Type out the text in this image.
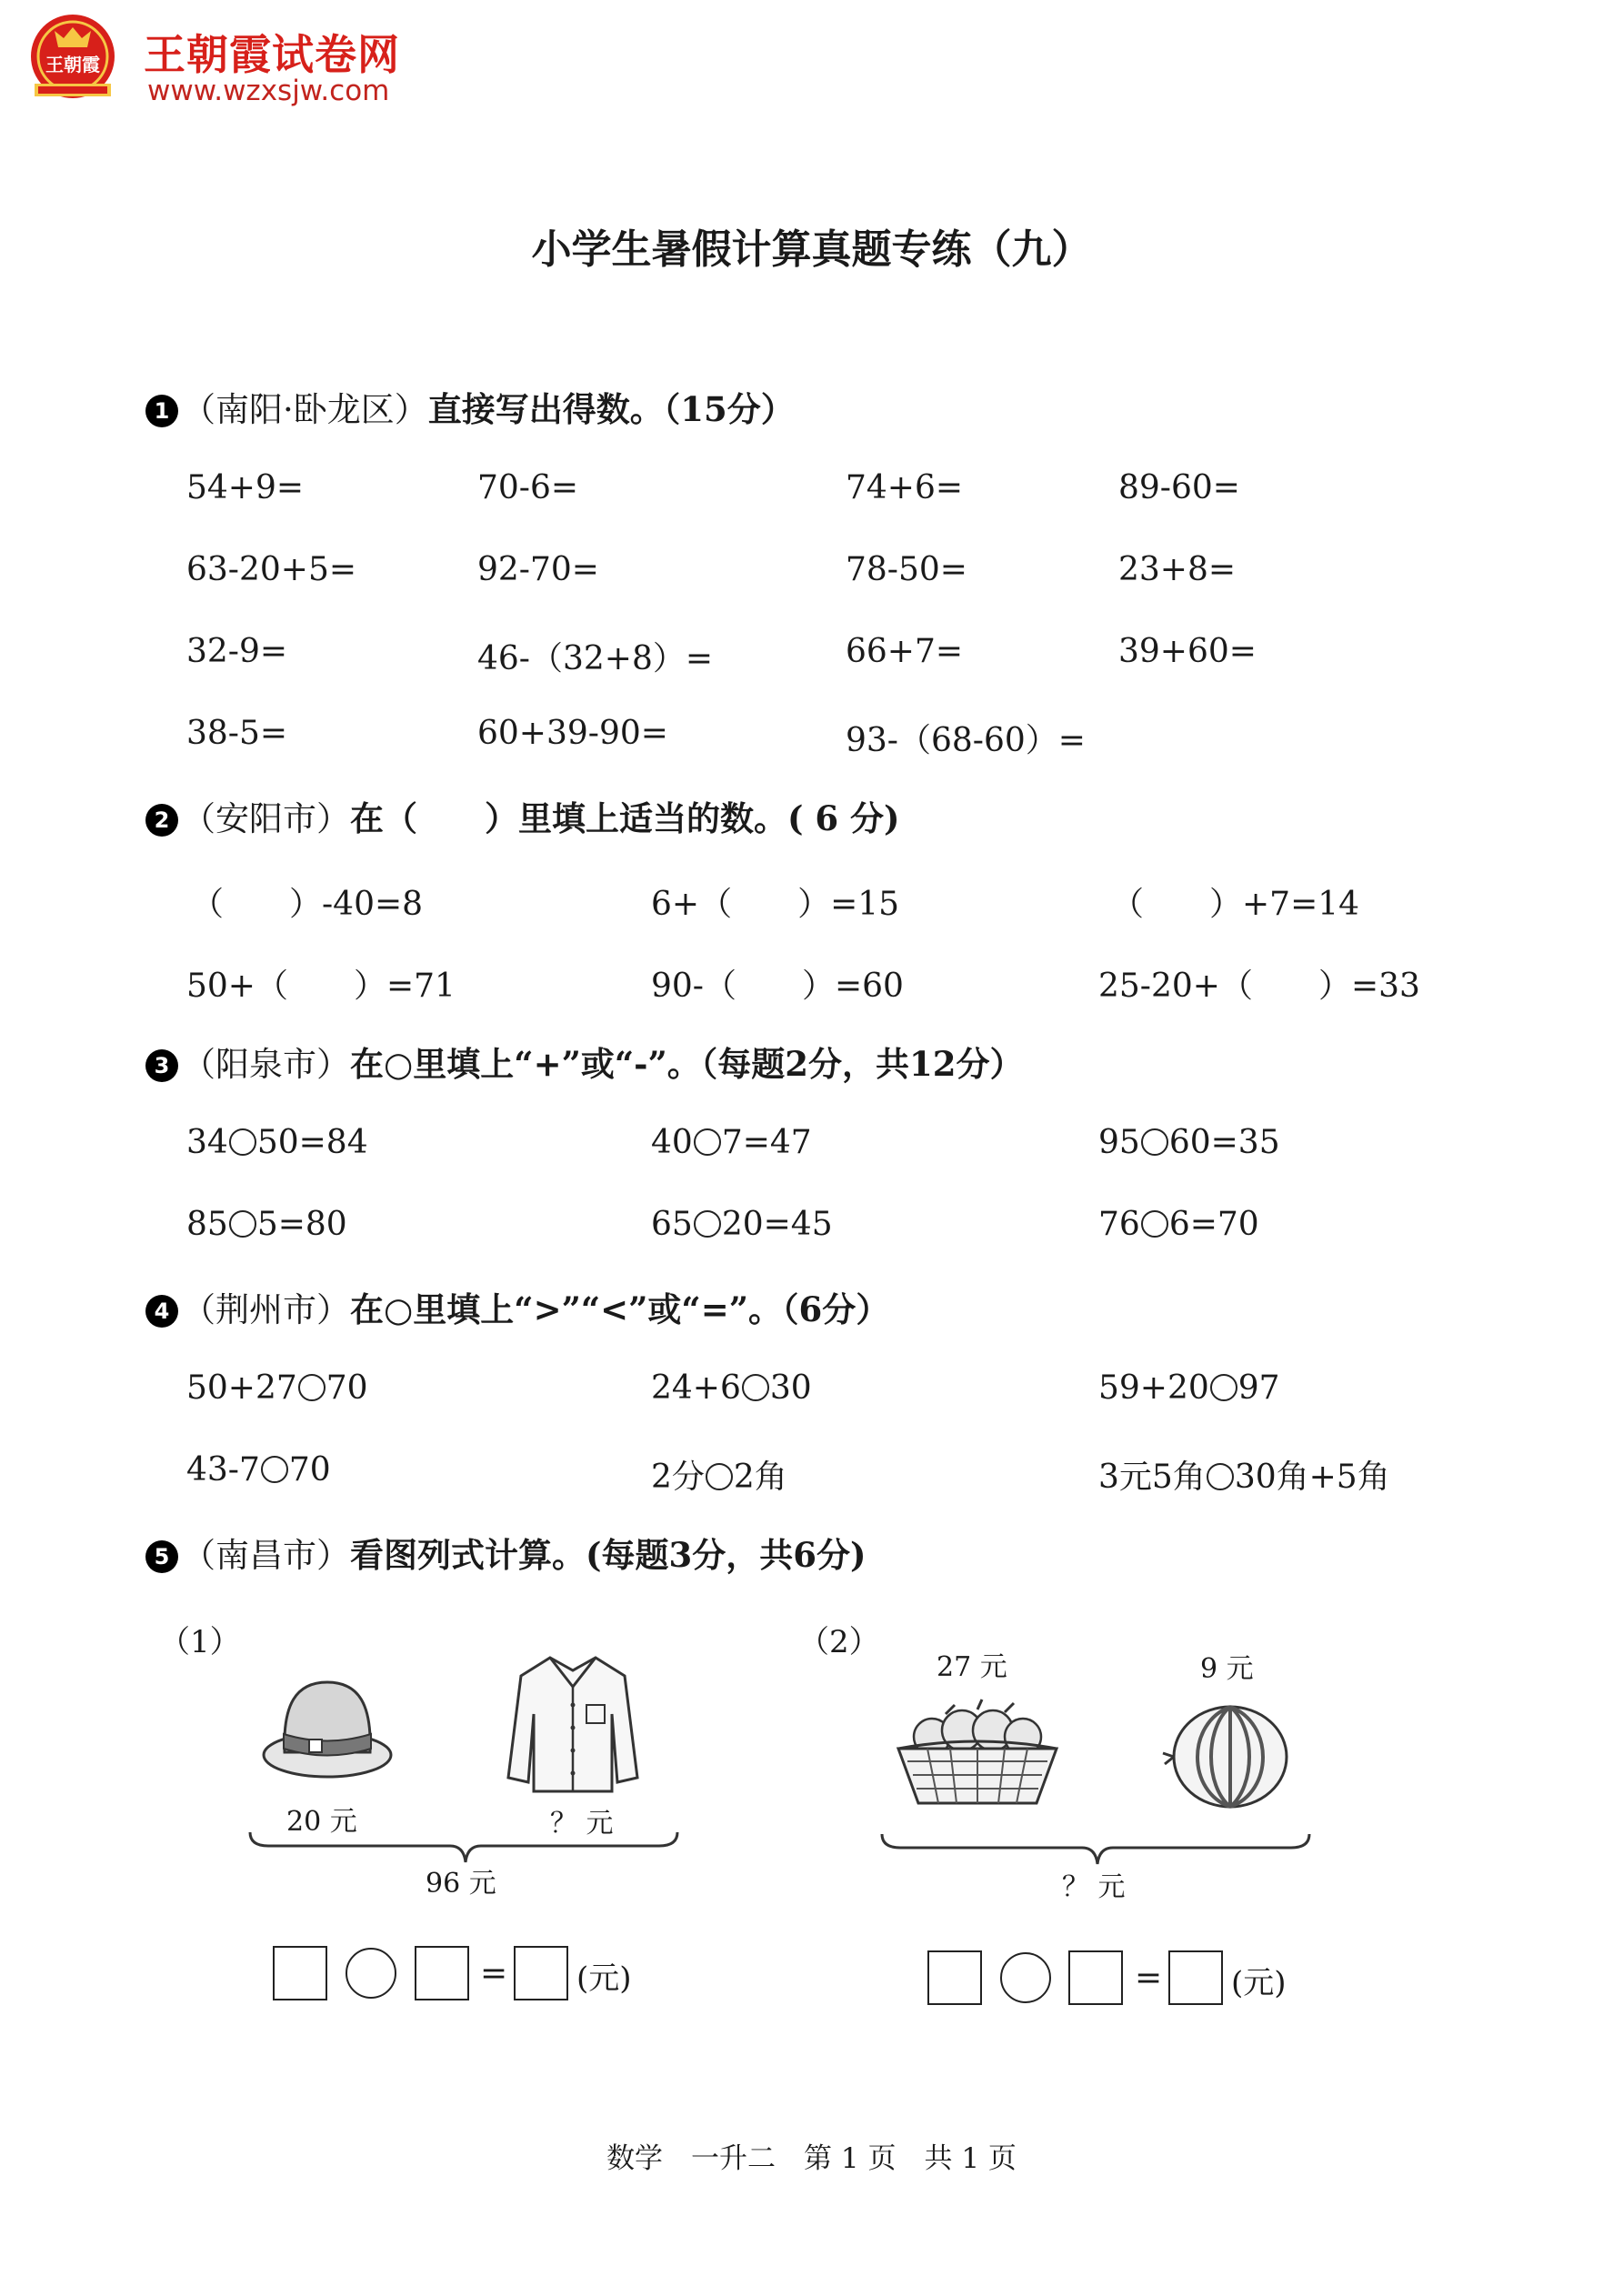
王朝霞 王朝霞试卷网
www.wzxsjw.com
小学生暑假计算真题专练（九）
1 （南阳·卧龙区）直接写出得数。（15分）
54+9=	70-6=	74+6=	89-60=
63-20+5=	92-70=	78-50=	23+8=
32-9=	46-（32+8）=	66+7=	39+60=
38-5=	60+39-90=	93-（68-60）=
2 （安阳市）在（　　）里填上适当的数。( 6 分)
（　　）-40=8	6+（　　）=15	（　　）+7=14
50+（　　）=71	90-（　　）=60	25-20+（　　）=33
3 （阳泉市）在○里填上“+”或“-”。（每题2分，共12分）
34 50=84	40 7=47	95 60=35
85 5=80	65 20=45	76 6=70
4 （荆州市）在○里填上“>”“<”或“=”。（6分）
50+27 70	24+6 30	59+20 97
43-7 70	2分 2角	3元5角 30角+5角
5 （南昌市）看图列式计算。(每题3分，共6分)
（1）
20 元	？ 元
96 元
= (元)
（2）
27 元	9 元
？ 元
= (元)
数学　一升二　第 1 页　共 1 页
